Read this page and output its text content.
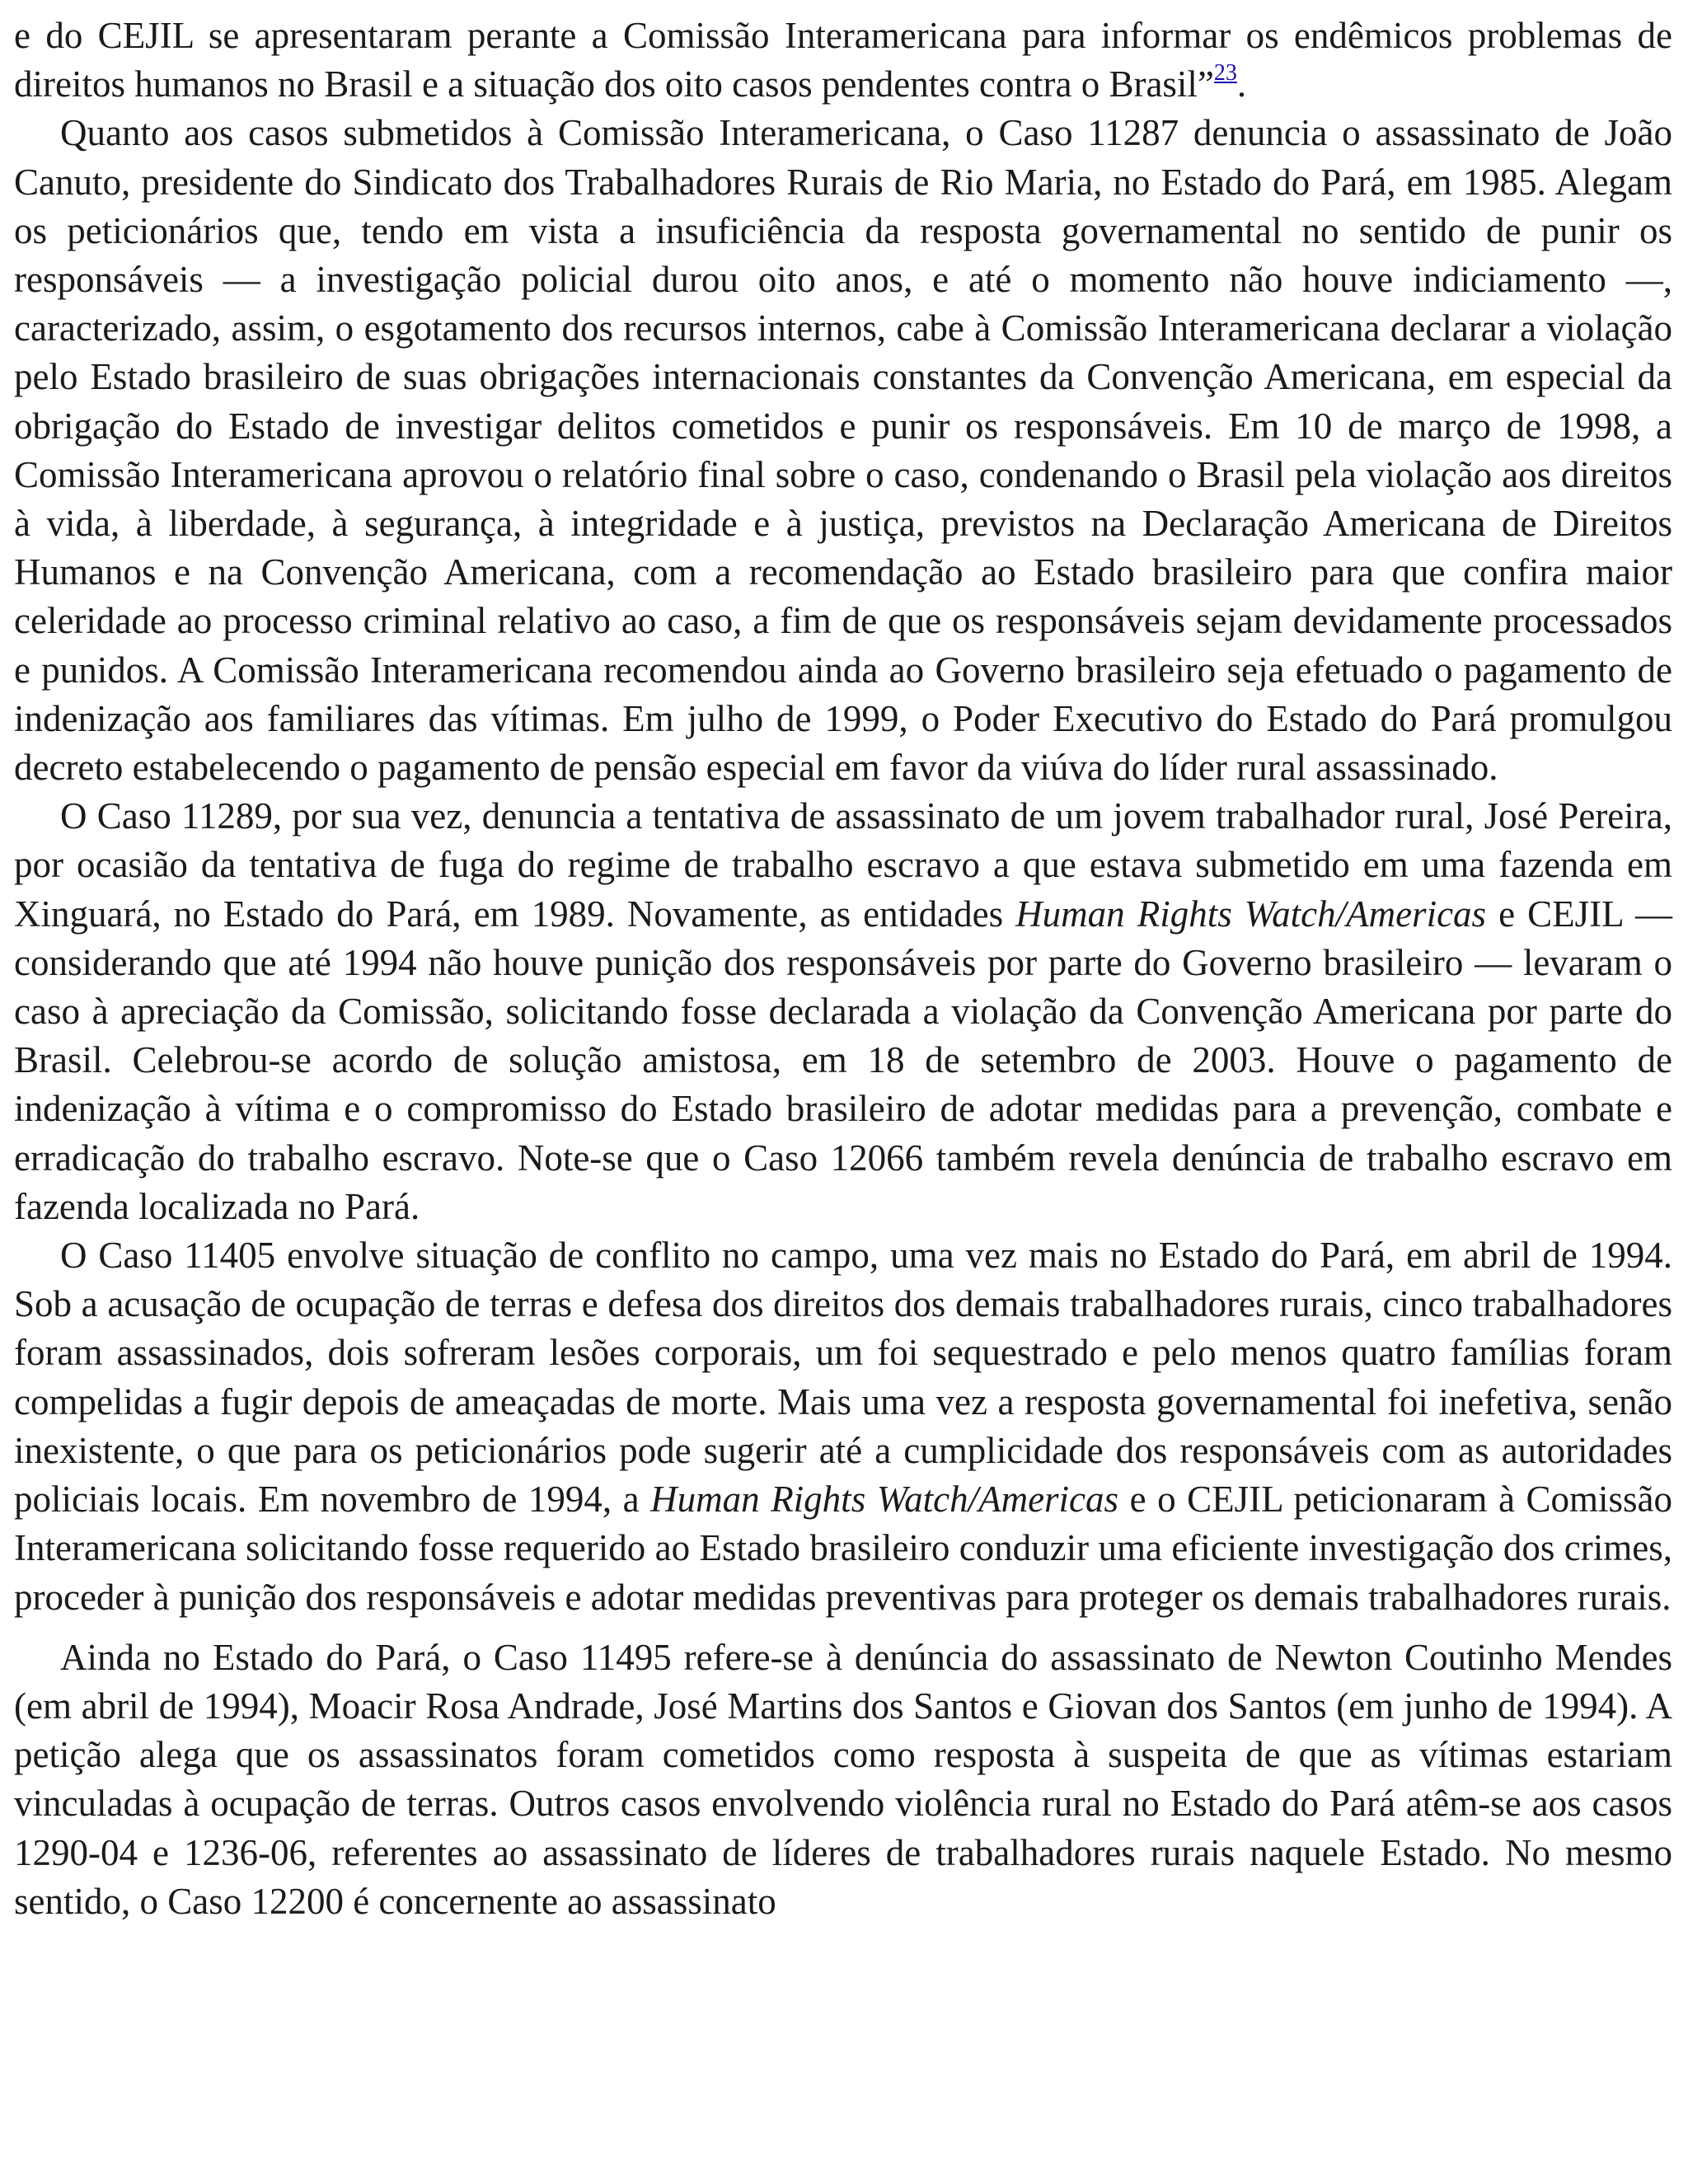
e do CEJIL se apresentaram perante a Comissão Interamericana para informar os endêmicos problemas de direitos humanos no Brasil e a situação dos oito casos pendentes contra o Brasil”$^{23}$.

Quanto aos casos submetidos à Comissão Interamericana, o Caso 11287 denuncia o assassinato de João Canuto, presidente do Sindicato dos Trabalhadores Rurais de Rio Maria, no Estado do Pará, em 1985. Alegam os peticionários que, tendo em vista a insuficiência da resposta governamental no sentido de punir os responsáveis — a investigação policial durou oito anos, e até o momento não houve indiciamento —, caracterizado, assim, o esgotamento dos recursos internos, cabe à Comissão Interamericana declarar a violação pelo Estado brasileiro de suas obrigações internacionais constantes da Convenção Americana, em especial da obrigação do Estado de investigar delitos cometidos e punir os responsáveis. Em 10 de março de 1998, a Comissão Interamericana aprovou o relatório final sobre o caso, condenando o Brasil pela violação aos direitos à vida, à liberdade, à segurança, à integridade e à justiça, previstos na Declaração Americana de Direitos Humanos e na Convenção Americana, com a recomendação ao Estado brasileiro para que confira maior celeridade ao processo criminal relativo ao caso, a fim de que os responsáveis sejam devidamente processados e punidos. A Comissão Interamericana recomendou ainda ao Governo brasileiro seja efetuado o pagamento de indenização aos familiares das vítimas. Em julho de 1999, o Poder Executivo do Estado do Pará promulgou decreto estabelecendo o pagamento de pensão especial em favor da viúva do líder rural assassinado.

O Caso 11289, por sua vez, denuncia a tentativa de assassinato de um jovem trabalhador rural, José Pereira, por ocasião da tentativa de fuga do regime de trabalho escravo a que estava submetido em uma fazenda em Xinguará, no Estado do Pará, em 1989. Novamente, as entidades Human Rights Watch/Americas e CEJIL — considerando que até 1994 não houve punição dos responsáveis por parte do Governo brasileiro — levaram o caso à apreciação da Comissão, solicitando fosse declarada a violação da Convenção Americana por parte do Brasil. Celebrou-se acordo de solução amistosa, em 18 de setembro de 2003. Houve o pagamento de indenização à vítima e o compromisso do Estado brasileiro de adotar medidas para a prevenção, combate e erradicação do trabalho escravo. Note-se que o Caso 12066 também revela denúncia de trabalho escravo em fazenda localizada no Pará.

O Caso 11405 envolve situação de conflito no campo, uma vez mais no Estado do Pará, em abril de 1994. Sob a acusação de ocupação de terras e defesa dos direitos dos demais trabalhadores rurais, cinco trabalhadores foram assassinados, dois sofreram lesões corporais, um foi sequestrado e pelo menos quatro famílias foram compelidas a fugir depois de ameaçadas de morte. Mais uma vez a resposta governamental foi inefetiva, senão inexistente, o que para os peticionários pode sugerir até a cumplicidade dos responsáveis com as autoridades policiais locais. Em novembro de 1994, a Human Rights Watch/Americas e o CEJIL peticionaram à Comissão Interamericana solicitando fosse requerido ao Estado brasileiro conduzir uma eficiente investigação dos crimes, proceder à punição dos responsáveis e adotar medidas preventivas para proteger os demais trabalhadores rurais.

Ainda no Estado do Pará, o Caso 11495 refere-se à denúncia do assassinato de Newton Coutinho Mendes (em abril de 1994), Moacir Rosa Andrade, José Martins dos Santos e Giovan dos Santos (em junho de 1994). A petição alega que os assassinatos foram cometidos como resposta à suspeita de que as vítimas estariam vinculadas à ocupação de terras. Outros casos envolvendo violência rural no Estado do Pará atêm-se aos casos 1290-04 e 1236-06, referentes ao assassinato de líderes de trabalhadores rurais naquele Estado. No mesmo sentido, o Caso 12200 é concernente ao assassinato
